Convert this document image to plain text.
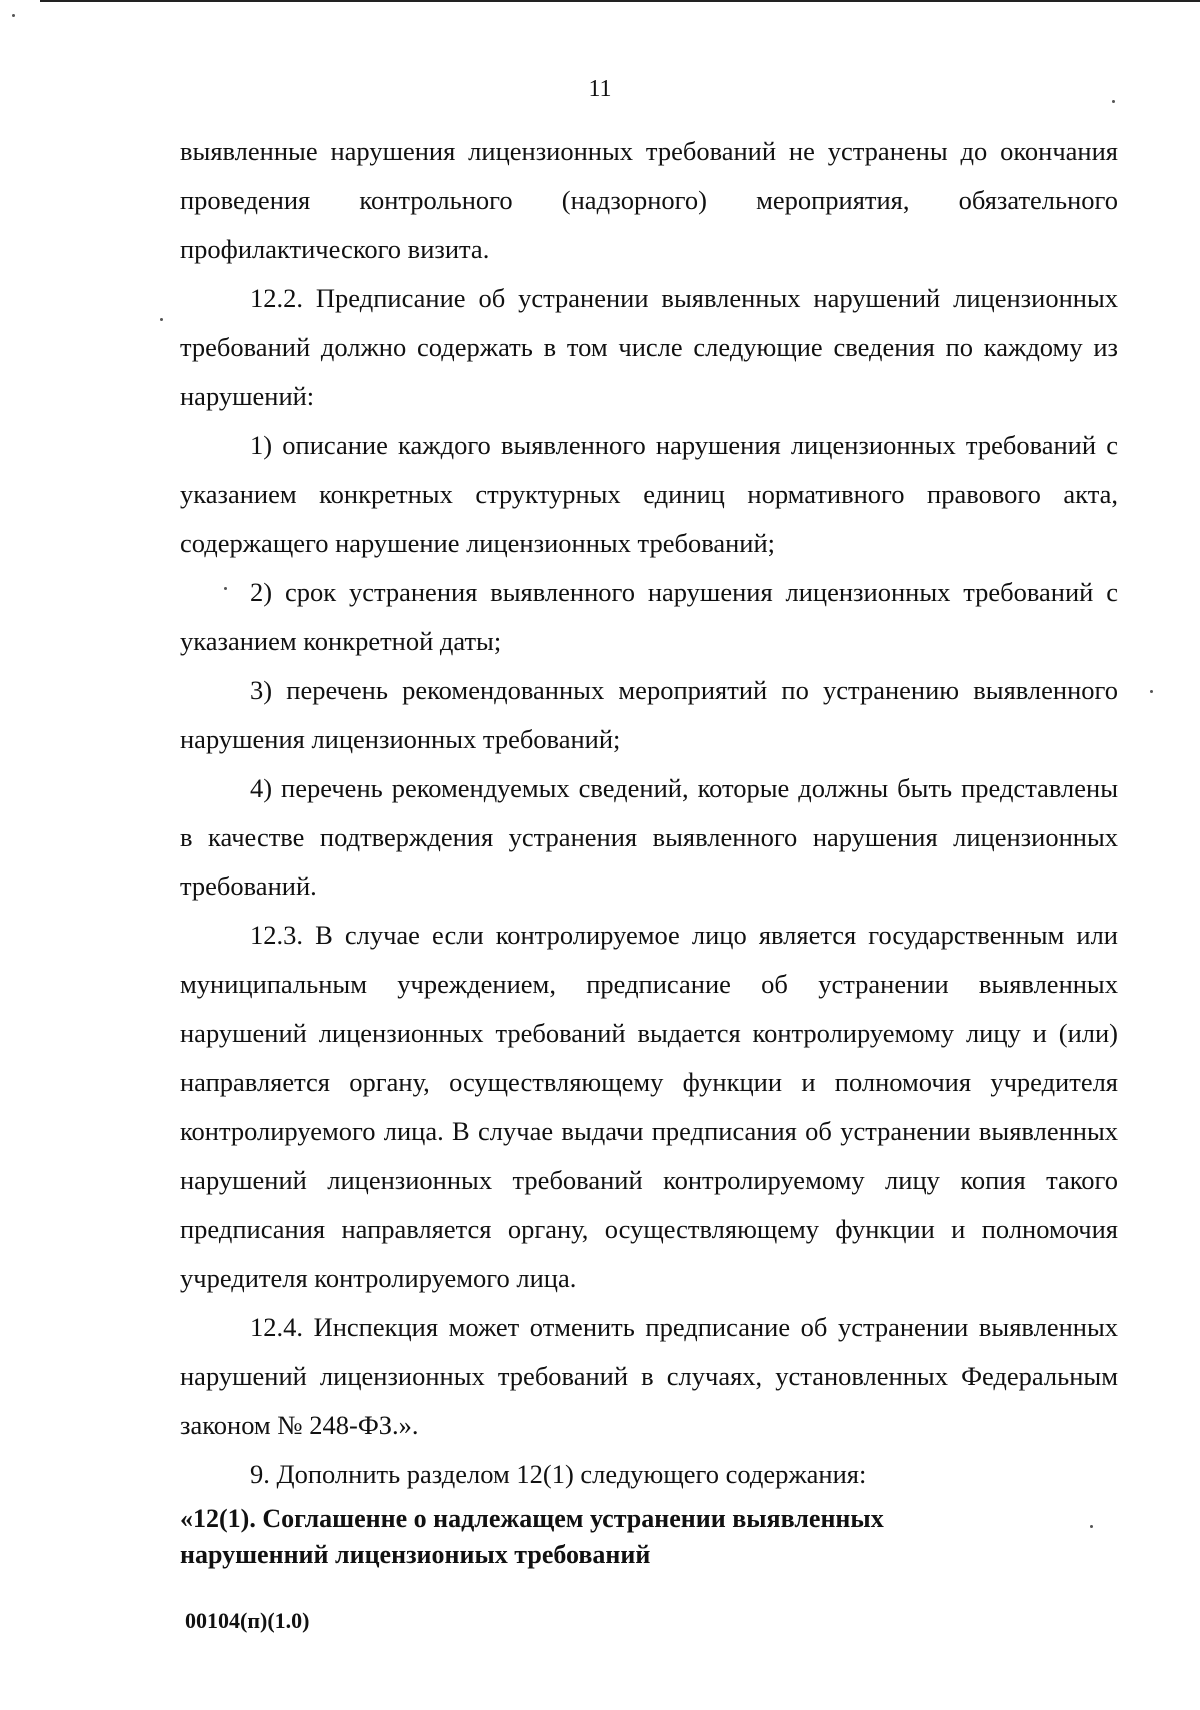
11

выявленные нарушения лицензионных требований не устранены до окончания проведения контрольного (надзорного) мероприятия, обязательного профилактического визита.

12.2. Предписание об устранении выявленных нарушений лицензионных требований должно содержать в том числе следующие сведения по каждому из нарушений:

1) описание каждого выявленного нарушения лицензионных требований с указанием конкретных структурных единиц нормативного правового акта, содержащего нарушение лицензионных требований;

2) срок устранения выявленного нарушения лицензионных требований с указанием конкретной даты;

3) перечень рекомендованных мероприятий по устранению выявленного нарушения лицензионных требований;

4) перечень рекомендуемых сведений, которые должны быть представлены в качестве подтверждения устранения выявленного нарушения лицензионных требований.

12.3. В случае если контролируемое лицо является государственным или муниципальным учреждением, предписание об устранении выявленных нарушений лицензионных требований выдается контролируемому лицу и (или) направляется органу, осуществляющему функции и полномочия учредителя контролируемого лица. В случае выдачи предписания об устранении выявленных нарушений лицензионных требований контролируемому лицу копия такого предписания направляется органу, осуществляющему функции и полномочия учредителя контролируемого лица.

12.4. Инспекция может отменить предписание об устранении выявленных нарушений лицензионных требований в случаях, установленных Федеральным законом № 248-ФЗ.».

9. Дополнить разделом 12(1) следующего содержания:

«12(1). Соглашенне о надлежащем устранении выявленных
нарушенний лицензиониых требований

00104(п)(1.0)
